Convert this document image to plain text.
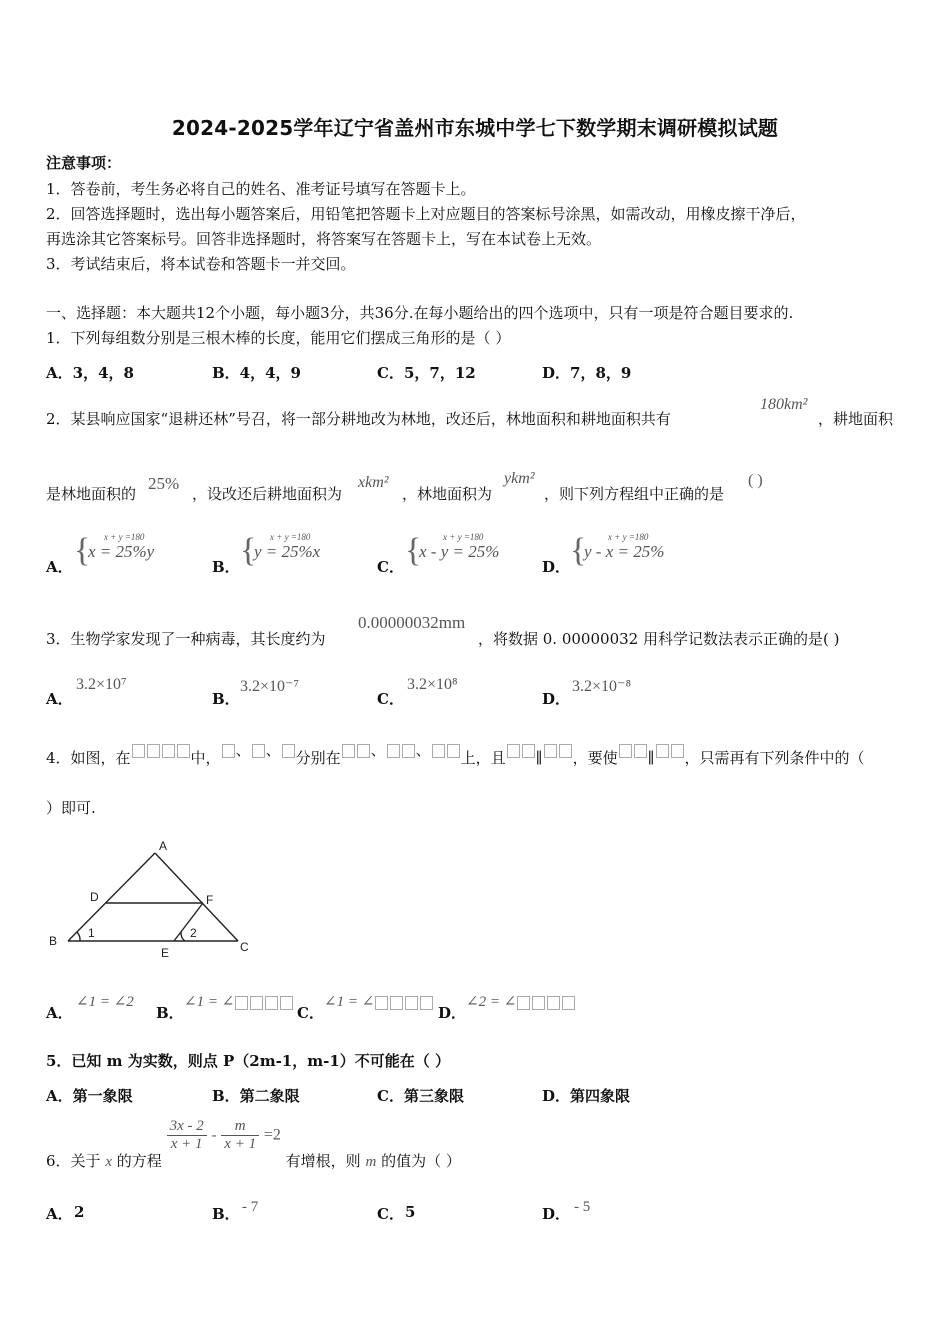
2024-2025学年辽宁省盖州市东城中学七下数学期末调研模拟试题
注意事项：
1．答卷前，考生务必将自己的姓名、准考证号填写在答题卡上。
2．回答选择题时，选出每小题答案后，用铅笔把答题卡上对应题目的答案标号涂黑，如需改动，用橡皮擦干净后，
再选涂其它答案标号。回答非选择题时，将答案写在答题卡上，写在本试卷上无效。
3．考试结束后，将本试卷和答题卡一并交回。
一、选择题：本大题共12个小题，每小题3分，共36分.在每小题给出的四个选项中，只有一项是符合题目要求的.
1．下列每组数分别是三根木棒的长度，能用它们摆成三角形的是（ ）
A．3，4，8	B．4，4，9	C．5，7，12	D．7，8，9
2．某县响应国家“退耕还林”号召，将一部分耕地改为林地，改还后，林地面积和耕地面积共有
180km²
，耕地面积
是林地面积的
25%
，设改还后耕地面积为
xkm²
，林地面积为
ykm²
，则下列方程组中正确的是
( )
A． { x + y =180
x = 25%y
B． { x + y =180
y = 25%x
C． { x + y =180
x - y = 25%
D． { x + y =180
y - x = 25%
3．生物学家发现了一种病毒，其长度约为
0.00000032mm
，将数据 0. 00000032 用科学记数法表示正确的是( )
A．
3.2×10⁷
B．
3.2×10⁻⁷
C．
3.2×10⁸
D．
3.2×10⁻⁸
4．如图，在	中， 、 、 分别在 、 、 上，且 ∥ ，要使 ∥ ，只需再有下列条件中的（
）即可.
A
B	C
D
E
F
1	2
A．
∠1 = ∠2
B．
∠1 = ∠
C．
∠1 = ∠
D．
∠2 = ∠
5．已知 m 为实数，则点 P（2m-1，m-1）不可能在（ ）
A．第一象限	B．第二象限	C．第三象限	D．第四象限
6．关于 x 的方程
$\frac{3x - 2}{x + 1} - \frac{m}{x + 1} =2$ 有增根，则 m 的值为（ ）
A． 2	B． - 7	C． 5	D． - 5
